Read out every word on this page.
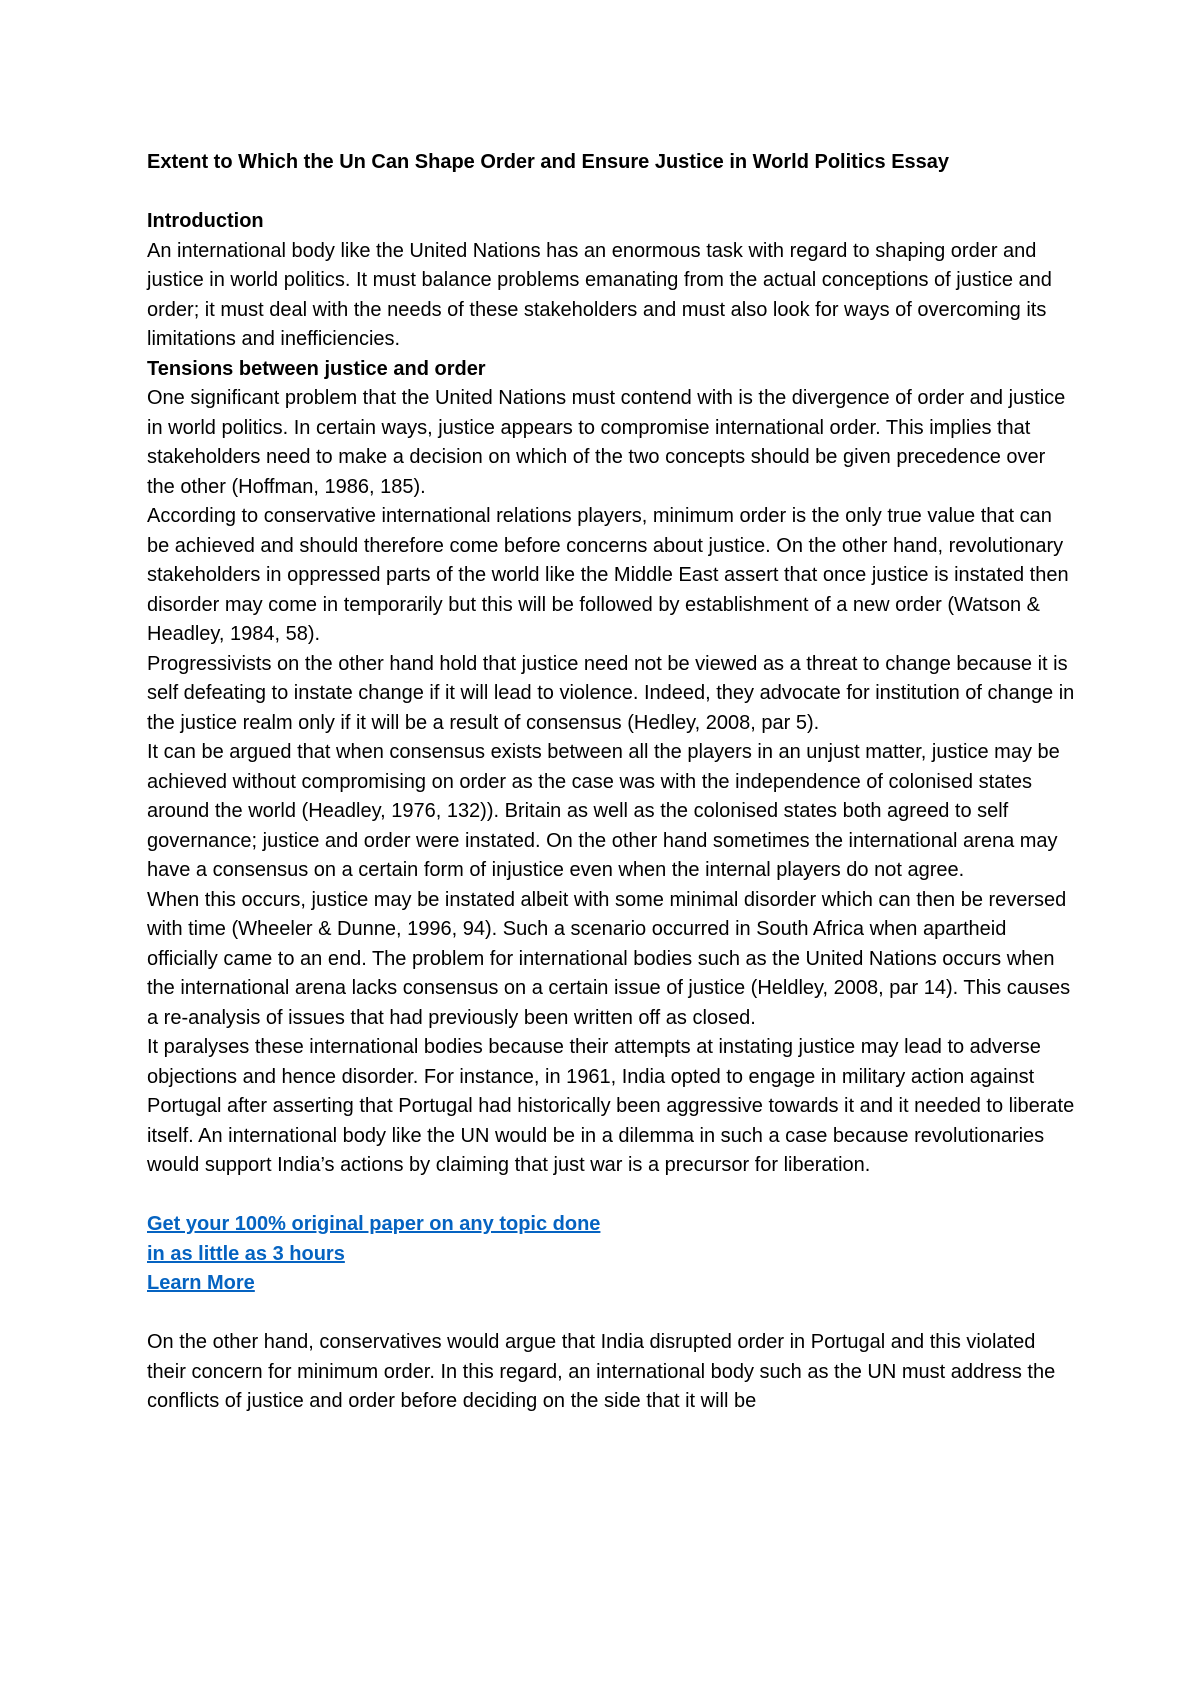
Extent to Which the Un Can Shape Order and Ensure Justice in World Politics Essay

Introduction

An international body like the United Nations has an enormous task with regard to shaping order and justice in world politics. It must balance problems emanating from the actual conceptions of justice and order; it must deal with the needs of these stakeholders and must also look for ways of overcoming its limitations and inefficiencies.

Tensions between justice and order

One significant problem that the United Nations must contend with is the divergence of order and justice in world politics. In certain ways, justice appears to compromise international order. This implies that stakeholders need to make a decision on which of the two concepts should be given precedence over the other (Hoffman, 1986, 185).

According to conservative international relations players, minimum order is the only true value that can be achieved and should therefore come before concerns about justice. On the other hand, revolutionary stakeholders in oppressed parts of the world like the Middle East assert that once justice is instated then disorder may come in temporarily but this will be followed by establishment of a new order (Watson & Headley, 1984, 58).

Progressivists on the other hand hold that justice need not be viewed as a threat to change because it is self defeating to instate change if it will lead to violence. Indeed, they advocate for institution of change in the justice realm only if it will be a result of consensus (Hedley, 2008, par 5).

It can be argued that when consensus exists between all the players in an unjust matter, justice may be achieved without compromising on order as the case was with the independence of colonised states around the world (Headley, 1976, 132)). Britain as well as the colonised states both agreed to self governance; justice and order were instated. On the other hand sometimes the international arena may have a consensus on a certain form of injustice even when the internal players do not agree.

When this occurs, justice may be instated albeit with some minimal disorder which can then be reversed with time (Wheeler & Dunne, 1996, 94). Such a scenario occurred in South Africa when apartheid officially came to an end. The problem for international bodies such as the United Nations occurs when the international arena lacks consensus on a certain issue of justice (Heldley, 2008, par 14). This causes a re-analysis of issues that had previously been written off as closed.

It paralyses these international bodies because their attempts at instating justice may lead to adverse objections and hence disorder. For instance, in 1961, India opted to engage in military action against Portugal after asserting that Portugal had historically been aggressive towards it and it needed to liberate itself. An international body like the UN would be in a dilemma in such a case because revolutionaries would support India’s actions by claiming that just war is a precursor for liberation.

Get your 100% original paper on any topic done
in as little as 3 hours
Learn More

On the other hand, conservatives would argue that India disrupted order in Portugal and this violated their concern for minimum order. In this regard, an international body such as the UN must address the conflicts of justice and order before deciding on the side that it will be
